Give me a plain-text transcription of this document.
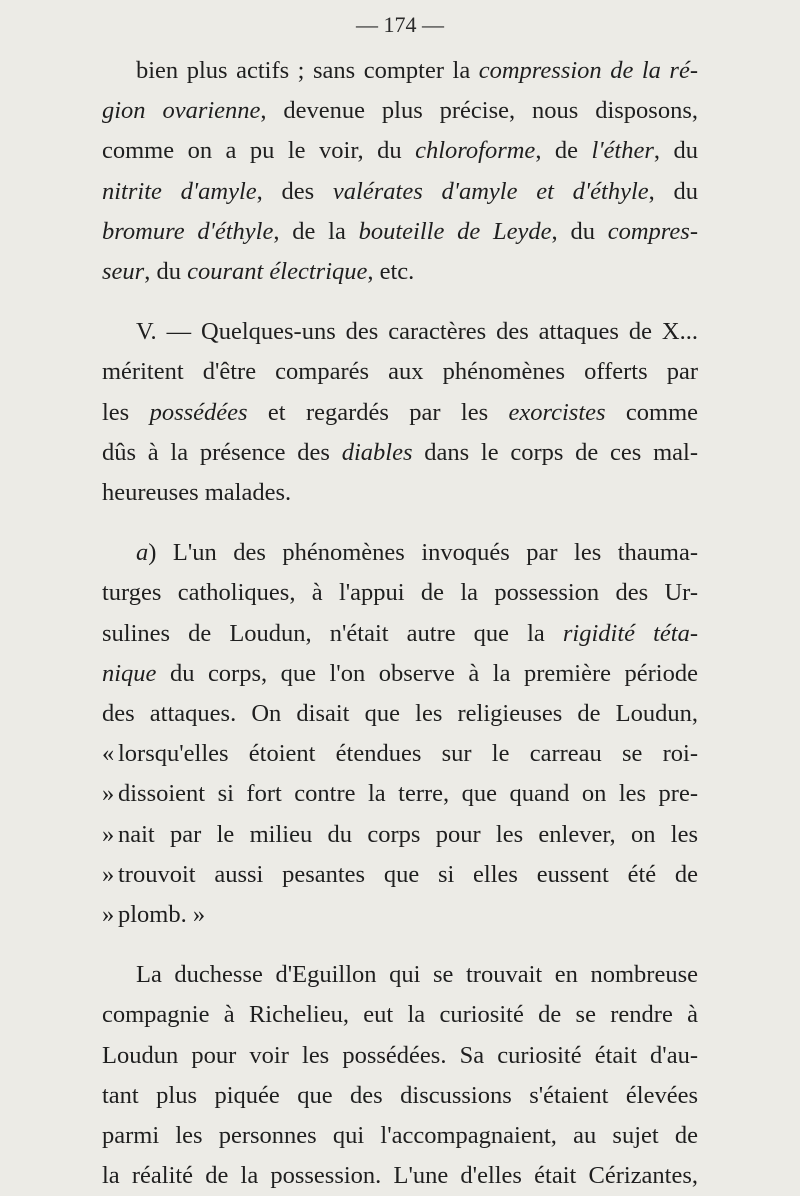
— 174 —
bien plus actifs ; sans compter la compression de la ré-
gion ovarienne, devenue plus précise, nous disposons,
comme on a pu le voir, du chloroforme, de l'éther, du
nitrite d'amyle, des valérates d'amyle et d'éthyle, du
bromure d'éthyle, de la bouteille de Leyde, du compres-
seur, du courant électrique, etc.
V. — Quelques-uns des caractères des attaques de X...
méritent d'être comparés aux phénomènes offerts par
les possédées et regardés par les exorcistes comme
dûs à la présence des diables dans le corps de ces mal-
heureuses malades.
a) L'un des phénomènes invoqués par les thauma-
turges catholiques, à l'appui de la possession des Ur-
sulines de Loudun, n'était autre que la rigidité téta-
nique du corps, que l'on observe à la première période
des attaques. On disait que les religieuses de Loudun,
« lorsqu'elles étoient étendues sur le carreau se roi-
» dissoient si fort contre la terre, que quand on les pre-
» nait par le milieu du corps pour les enlever, on les
» trouvoit aussi pesantes que si elles eussent été de
» plomb. »
La duchesse d'Eguillon qui se trouvait en nombreuse
compagnie à Richelieu, eut la curiosité de se rendre à
Loudun pour voir les possédées. Sa curiosité était d'au-
tant plus piquée que des discussions s'étaient élevées
parmi les personnes qui l'accompagnaient, au sujet de
la réalité de la possession. L'une d'elles était Cérizantes,
